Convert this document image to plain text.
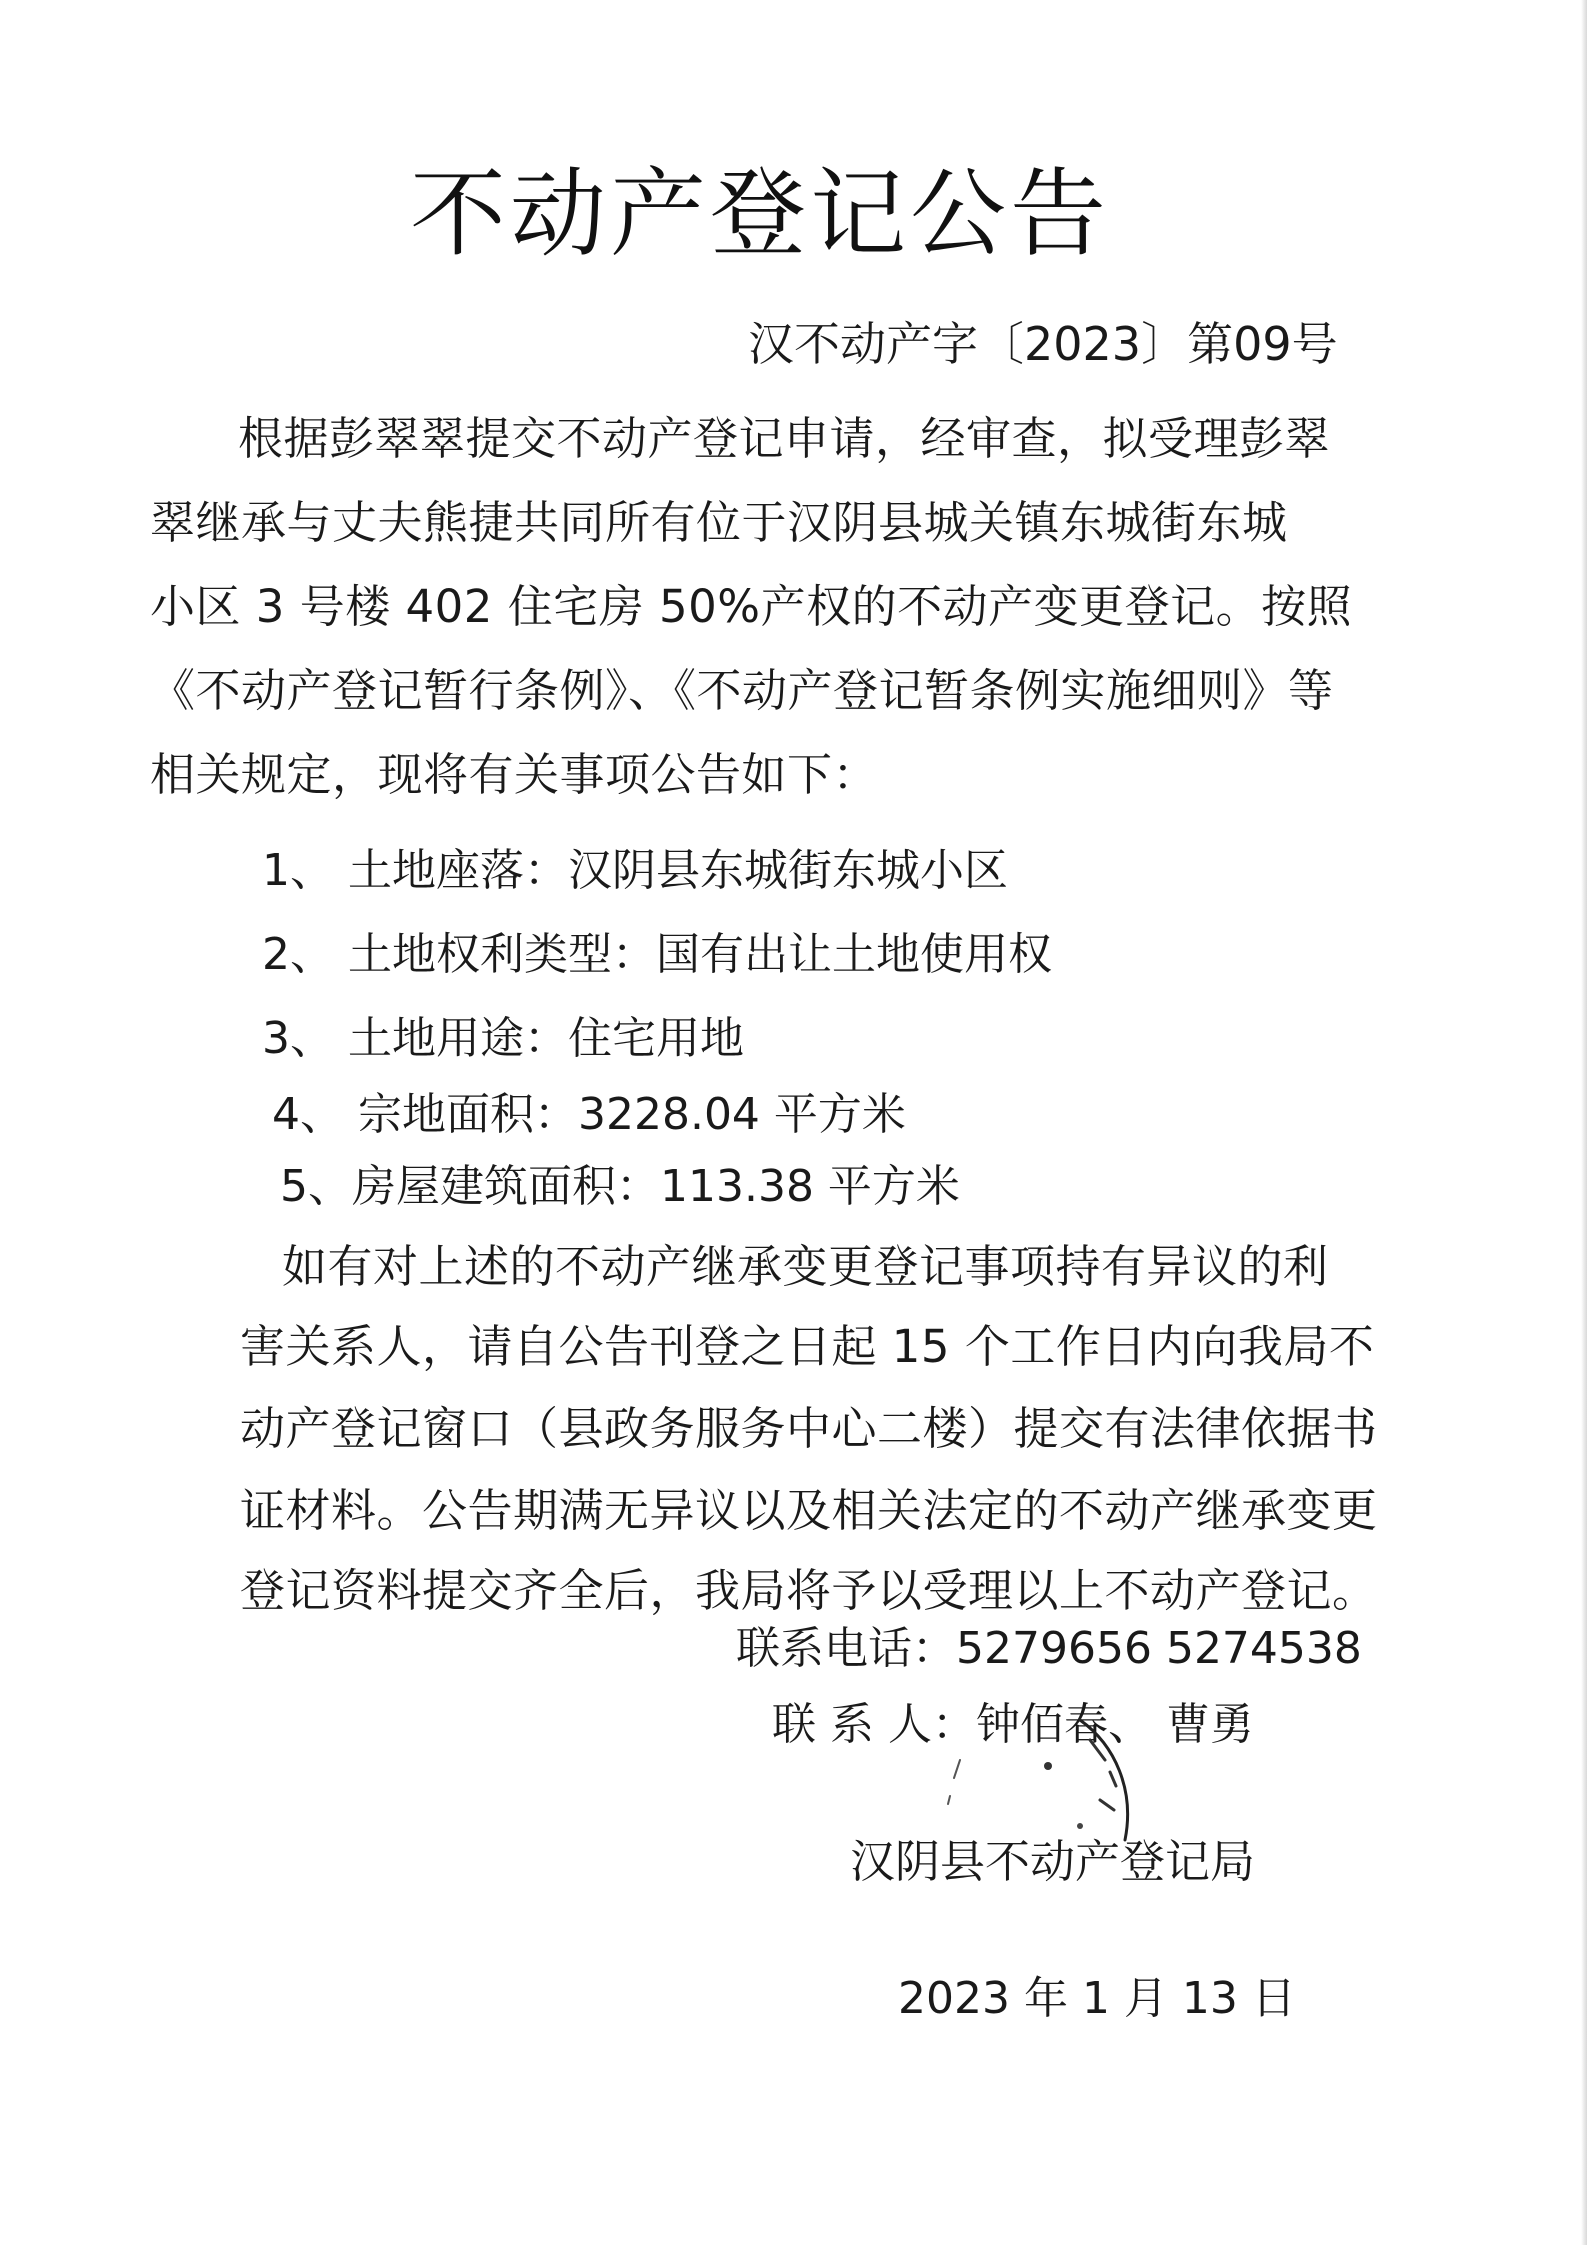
不动产登记公告
汉不动产字〔2023〕第09号
根据彭翠翠提交不动产登记申请，经审查，拟受理彭翠
翠继承与丈夫熊捷共同所有位于汉阴县城关镇东城街东城
小区 3 号楼 402 住宅房 50%产权的不动产变更登记。按照
《不动产登记暂行条例》、《不动产登记暂条例实施细则》等
相关规定，现将有关事项公告如下：
1、 土地座落：汉阴县东城街东城小区
2、 土地权利类型：国有出让土地使用权
3、 土地用途：住宅用地
4、 宗地面积：3228.04 平方米
5、房屋建筑面积：113.38 平方米
如有对上述的不动产继承变更登记事项持有异议的利
害关系人，请自公告刊登之日起 15 个工作日内向我局不
动产登记窗口（县政务服务中心二楼）提交有法律依据书
证材料。公告期满无异议以及相关法定的不动产继承变更
登记资料提交齐全后，我局将予以受理以上不动产登记。
联系电话：5279656 5274538
联 系 人：钟佰春、 曹勇
汉阴县不动产登记局
2023 年 1 月 13 日
